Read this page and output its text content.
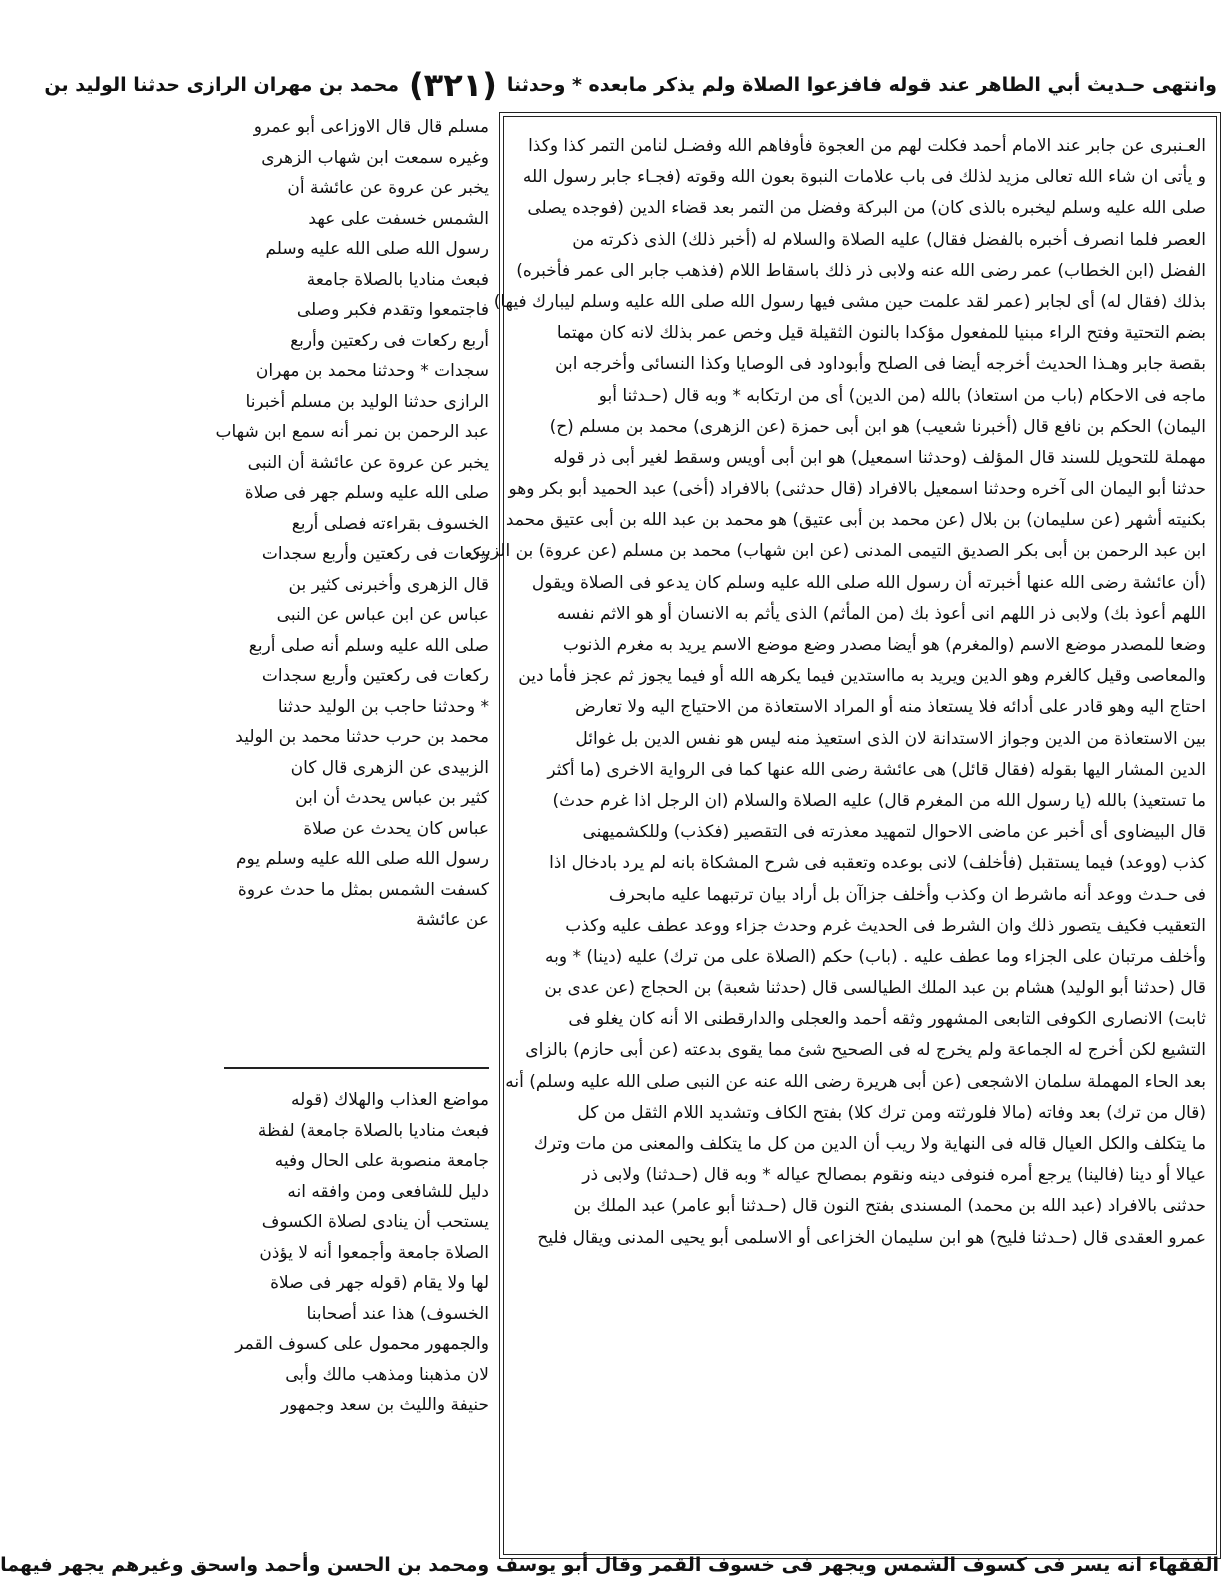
وانتهى حـديث أبي الطاهر عند قوله فافزعوا الصلاة ولم يذكر مابعده * وحدثنا
(٣٢١)
محمد بن مهران الرازى حدثنا الوليد بن
العـنبرى عن جابر عند الامام أحمد فكلت لهم من العجوة فأوفاهم الله وفضـل لنامن التمر كذا وكذا
و يأتى ان شاء الله تعالى مزيد لذلك فى باب علامات النبوة بعون الله وقوته (فجـاء جابر رسول الله
صلى الله عليه وسلم ليخبره بالذى كان) من البركة وفضل من التمر بعد قضاء الدين (فوجده يصلى
العصر فلما انصرف أخبره بالفضل فقال) عليه الصلاة والسلام له (أخبر ذلك) الذى ذكرته من
الفضل (ابن الخطاب) عمر رضى الله عنه ولابى ذر ذلك باسقاط اللام (فذهب جابر الى عمر فأخبره)
بذلك (فقال له) أى لجابر (عمر لقد علمت حين مشى فيها رسول الله صلى الله عليه وسلم ليبارك فيها)
بضم التحتية وفتح الراء مبنيا للمفعول مؤكدا بالنون الثقيلة قيل وخص عمر بذلك لانه كان مهتما
بقصة جابر وهـذا الحديث أخرجه أيضا فى الصلح وأبوداود فى الوصايا وكذا النسائى وأخرجه ابن
ماجه فى الاحكام (باب من استعاذ) بالله (من الدين) أى من ارتكابه * وبه قال (حـدثنا أبو
اليمان) الحكم بن نافع قال (أخبرنا شعيب) هو ابن أبى حمزة (عن الزهرى) محمد بن مسلم (ح)
مهملة للتحويل للسند قال المؤلف (وحدثنا اسمعيل) هو ابن أبى أويس وسقط لغير أبى ذر قوله
حدثنا أبو اليمان الى آخره وحدثنا اسمعيل بالافراد (قال حدثنى) بالافراد (أخى) عبد الحميد أبو بكر وهو
بكنيته أشهر (عن سليمان) بن بلال (عن محمد بن أبى عتيق) هو محمد بن عبد الله بن أبى عتيق محمد
ابن عبد الرحمن بن أبى بكر الصديق التيمى المدنى (عن ابن شهاب) محمد بن مسلم (عن عروة) بن الزبير
(أن عائشة رضى الله عنها أخبرته أن رسول الله صلى الله عليه وسلم كان يدعو فى الصلاة ويقول
اللهم أعوذ بك) ولابى ذر اللهم انى أعوذ بك (من المأثم) الذى يأثم به الانسان أو هو الاثم نفسه
وضعا للمصدر موضع الاسم (والمغرم) هو أيضا مصدر وضع موضع الاسم يريد به مغرم الذنوب
والمعاصى وقيل كالغرم وهو الدين ويريد به مااستدين فيما يكرهه الله أو فيما يجوز ثم عجز فأما دين
احتاج اليه وهو قادر على أدائه فلا يستعاذ منه أو المراد الاستعاذة من الاحتياج اليه ولا تعارض
بين الاستعاذة من الدين وجواز الاستدانة لان الذى استعيذ منه ليس هو نفس الدين بل غوائل
الدين المشار اليها بقوله (فقال قائل) هى عائشة رضى الله عنها كما فى الرواية الاخرى (ما أكثر
ما تستعيذ) بالله (يا رسول الله من المغرم قال) عليه الصلاة والسلام (ان الرجل اذا غرم حدث)
قال البيضاوى أى أخبر عن ماضى الاحوال لتمهيد معذرته فى التقصير (فكذب) وللكشميهنى
كذب (ووعد) فيما يستقبل (فأخلف) لانى بوعده وتعقبه فى شرح المشكاة بانه لم يرد بادخال اذا
فى حـدث ووعد أنه ماشرط ان وكذب وأخلف جزاآن بل أراد بيان ترتبهما عليه مابحرف
التعقيب فكيف يتصور ذلك وان الشرط فى الحديث غرم وحدث جزاء ووعد عطف عليه وكذب
وأخلف مرتبان على الجزاء وما عطف عليه . (باب) حكم (الصلاة على من ترك) عليه (دينا) * وبه
قال (حدثنا أبو الوليد) هشام بن عبد الملك الطيالسى قال (حدثنا شعبة) بن الحجاج (عن عدى بن
ثابت) الانصارى الكوفى التابعى المشهور وثقه أحمد والعجلى والدارقطنى الا أنه كان يغلو فى
التشيع لكن أخرج له الجماعة ولم يخرج له فى الصحيح شئ مما يقوى بدعته (عن أبى حازم) بالزاى
بعد الحاء المهملة سلمان الاشجعى (عن أبى هريرة رضى الله عنه عن النبى صلى الله عليه وسلم) أنه
(قال من ترك) بعد وفاته (مالا فلورثته ومن ترك كلا) بفتح الكاف وتشديد اللام الثقل من كل
ما يتكلف والكل العيال قاله فى النهاية ولا ريب أن الدين من كل ما يتكلف والمعنى من مات وترك
عيالا أو دينا (فالينا) يرجع أمره فنوفى دينه ونقوم بمصالح عياله * وبه قال (حـدثنا) ولابى ذر
حدثنى بالافراد (عبد الله بن محمد) المسندى بفتح النون قال (حـدثنا أبو عامر) عبد الملك بن
عمرو العقدى قال (حـدثنا فليح) هو ابن سليمان الخزاعى أو الاسلمى أبو يحيى المدنى ويقال فليح
مسلم قال قال الاوزاعى أبو عمرو
وغيره سمعت ابن شهاب الزهرى
يخبر عن عروة عن عائشة أن
الشمس خسفت على عهد
رسول الله صلى الله عليه وسلم
فبعث مناديا بالصلاة جامعة
فاجتمعوا وتقدم فكبر وصلى
أربع ركعات فى ركعتين وأربع
سجدات * وحدثنا محمد بن مهران
الرازى حدثنا الوليد بن مسلم أخبرنا
عبد الرحمن بن نمر أنه سمع ابن شهاب
يخبر عن عروة عن عائشة أن النبى
صلى الله عليه وسلم جهر فى صلاة
الخسوف بقراءته فصلى أربع
ركعات فى ركعتين وأربع سجدات
قال الزهرى وأخبرنى كثير بن
عباس عن ابن عباس عن النبى
صلى الله عليه وسلم أنه صلى أربع
ركعات فى ركعتين وأربع سجدات
* وحدثنا حاجب بن الوليد حدثنا
محمد بن حرب حدثنا محمد بن الوليد
الزبيدى عن الزهرى قال كان
كثير بن عباس يحدث أن ابن
عباس كان يحدث عن صلاة
رسول الله صلى الله عليه وسلم يوم
كسفت الشمس بمثل ما حدث عروة
عن عائشة
مواضع العذاب والهلاك (قوله
فبعث مناديا بالصلاة جامعة) لفظة
جامعة منصوبة على الحال وفيه
دليل للشافعى ومن وافقه انه
يستحب أن ينادى لصلاة الكسوف
الصلاة جامعة وأجمعوا أنه لا يؤذن
لها ولا يقام (قوله جهر فى صلاة
الخسوف) هذا عند أصحابنا
والجمهور محمول على كسوف القمر
لان مذهبنا ومذهب مالك وأبى
حنيفة والليث بن سعد وجمهور
الفقهاء انه يسر فى كسوف الشمس ويجهر فى خسوف القمر وقال أبو يوسف ومحمد بن الحسن وأحمد واسحق وغيرهم يجهر فيهما
